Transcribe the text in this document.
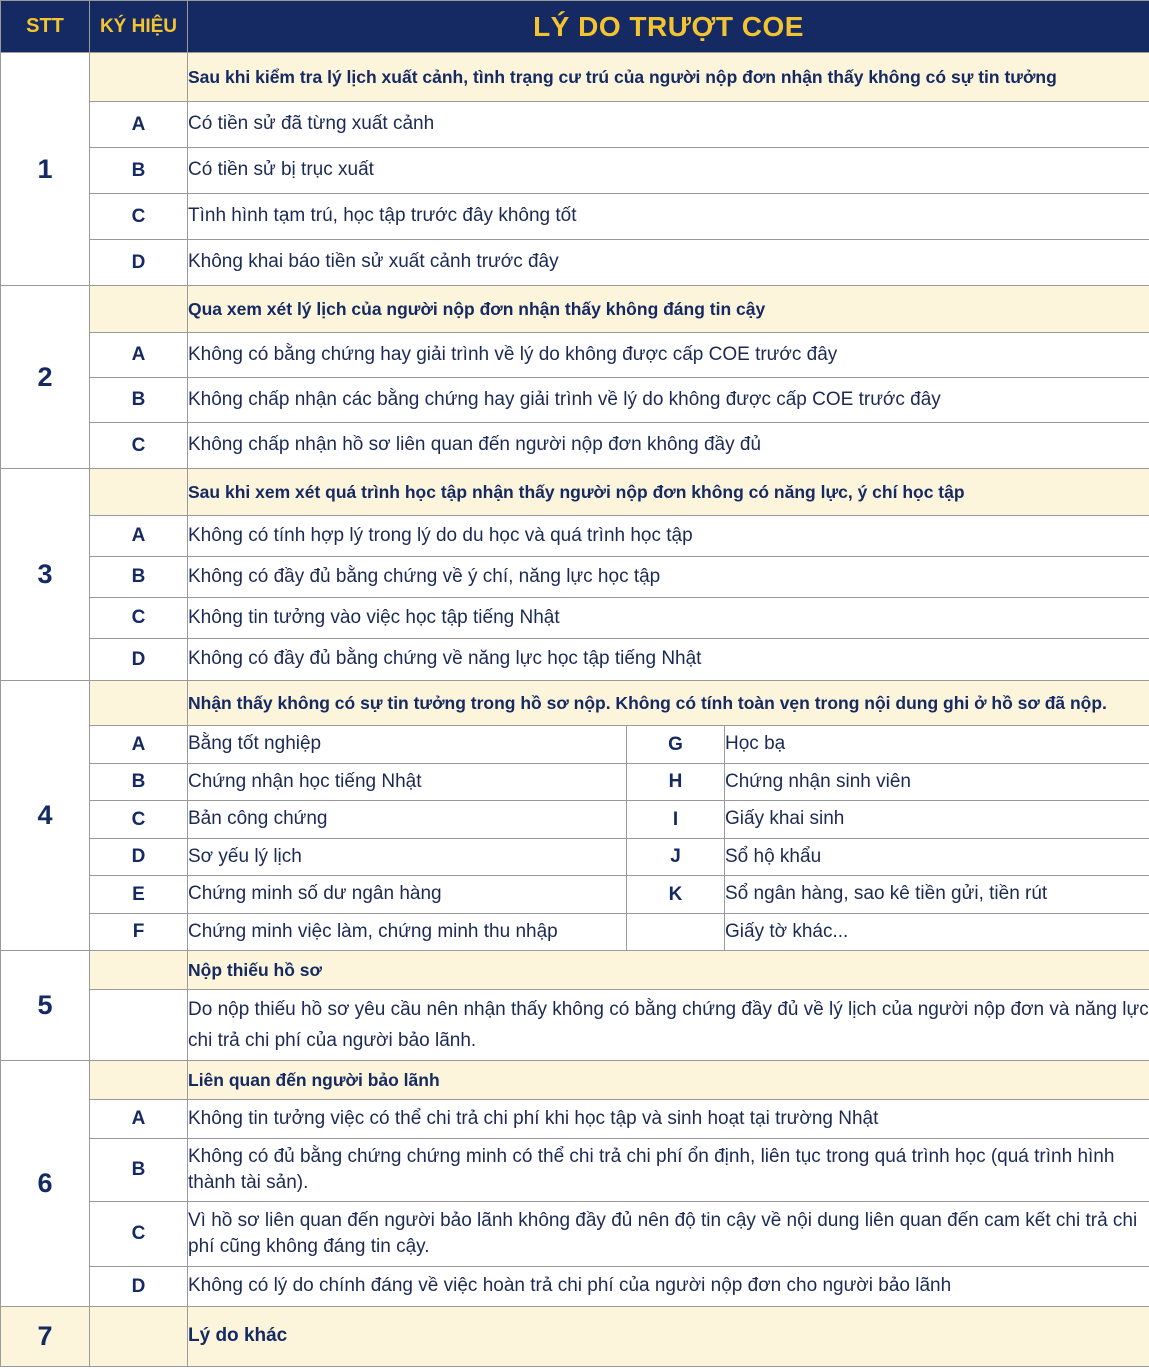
STT	KÝ HIỆU	LÝ DO TRƯỢT COE		
1		Sau khi kiểm tra lý lịch xuất cảnh, tình trạng cư trú của người nộp đơn nhận thấy không có sự tin tưởng		
	A	Có tiền sử đã từng xuất cảnh		
	B	Có tiền sử bị trục xuất		
	C	Tình hình tạm trú, học tập trước đây không tốt		
	D	Không khai báo tiền sử xuất cảnh trước đây		
2		Qua xem xét lý lịch của người nộp đơn nhận thấy không đáng tin cậy		
	A	Không có bằng chứng hay giải trình về lý do không được cấp COE trước đây		
	B	Không chấp nhận các bằng chứng hay giải trình về lý do không được cấp COE trước đây		
	C	Không chấp nhận hồ sơ liên quan đến người nộp đơn không đầy đủ		
3		Sau khi xem xét quá trình học tập nhận thấy người nộp đơn không có năng lực, ý chí học tập		
	A	Không có tính hợp lý trong lý do du học và quá trình học tập		
	B	Không có đầy đủ bằng chứng về ý chí, năng lực học tập		
	C	Không tin tưởng vào việc học tập tiếng Nhật		
	D	Không có đầy đủ bằng chứng về năng lực học tập tiếng Nhật		
4		Nhận thấy không có sự tin tưởng trong hồ sơ nộp. Không có tính toàn vẹn trong nội dung ghi ở hồ sơ đã nộp.		
	A	Bằng tốt nghiệp	G	Học bạ
	B	Chứng nhận học tiếng Nhật	H	Chứng nhận sinh viên
	C	Bản công chứng	I	Giấy khai sinh
	D	Sơ yếu lý lịch	J	Sổ hộ khẩu
	E	Chứng minh số dư ngân hàng	K	Sổ ngân hàng, sao kê tiền gửi, tiền rút
	F	Chứng minh việc làm, chứng minh thu nhập		Giấy tờ khác...
5		Nộp thiếu hồ sơ		
		Do nộp thiếu hồ sơ yêu cầu nên nhận thấy không có bằng chứng đầy đủ về lý lịch của người nộp đơn và năng lực chi trả chi phí của người bảo lãnh.		
6		Liên quan đến người bảo lãnh		
	A	Không tin tưởng việc có thể chi trả chi phí khi học tập và sinh hoạt tại trường Nhật		
	B	Không có đủ bằng chứng chứng minh có thể chi trả chi phí ổn định, liên tục trong quá trình học (quá trình hình thành tài sản).		
	C	Vì hồ sơ liên quan đến người bảo lãnh không đầy đủ nên độ tin cậy về nội dung liên quan đến cam kết chi trả chi phí cũng không đáng tin cậy.		
	D	Không có lý do chính đáng về việc hoàn trả chi phí của người nộp đơn cho người bảo lãnh		
7		Lý do khác		
